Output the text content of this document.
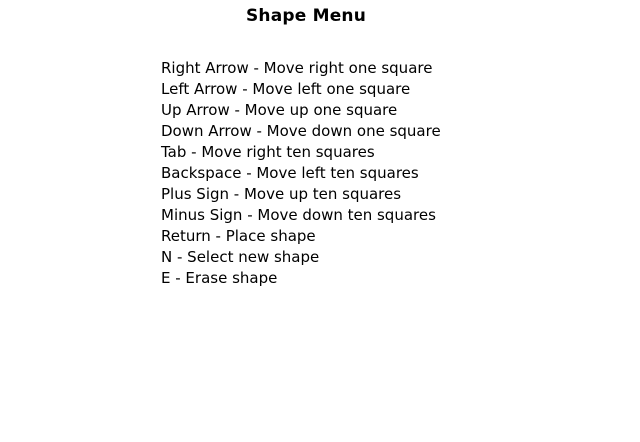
Shape Menu
Right Arrow - Move right one square
Left Arrow - Move left one square
Up Arrow - Move up one square
Down Arrow - Move down one square
Tab - Move right ten squares
Backspace - Move left ten squares
Plus Sign - Move up ten squares
Minus Sign - Move down ten squares
Return - Place shape
N - Select new shape
E - Erase shape
